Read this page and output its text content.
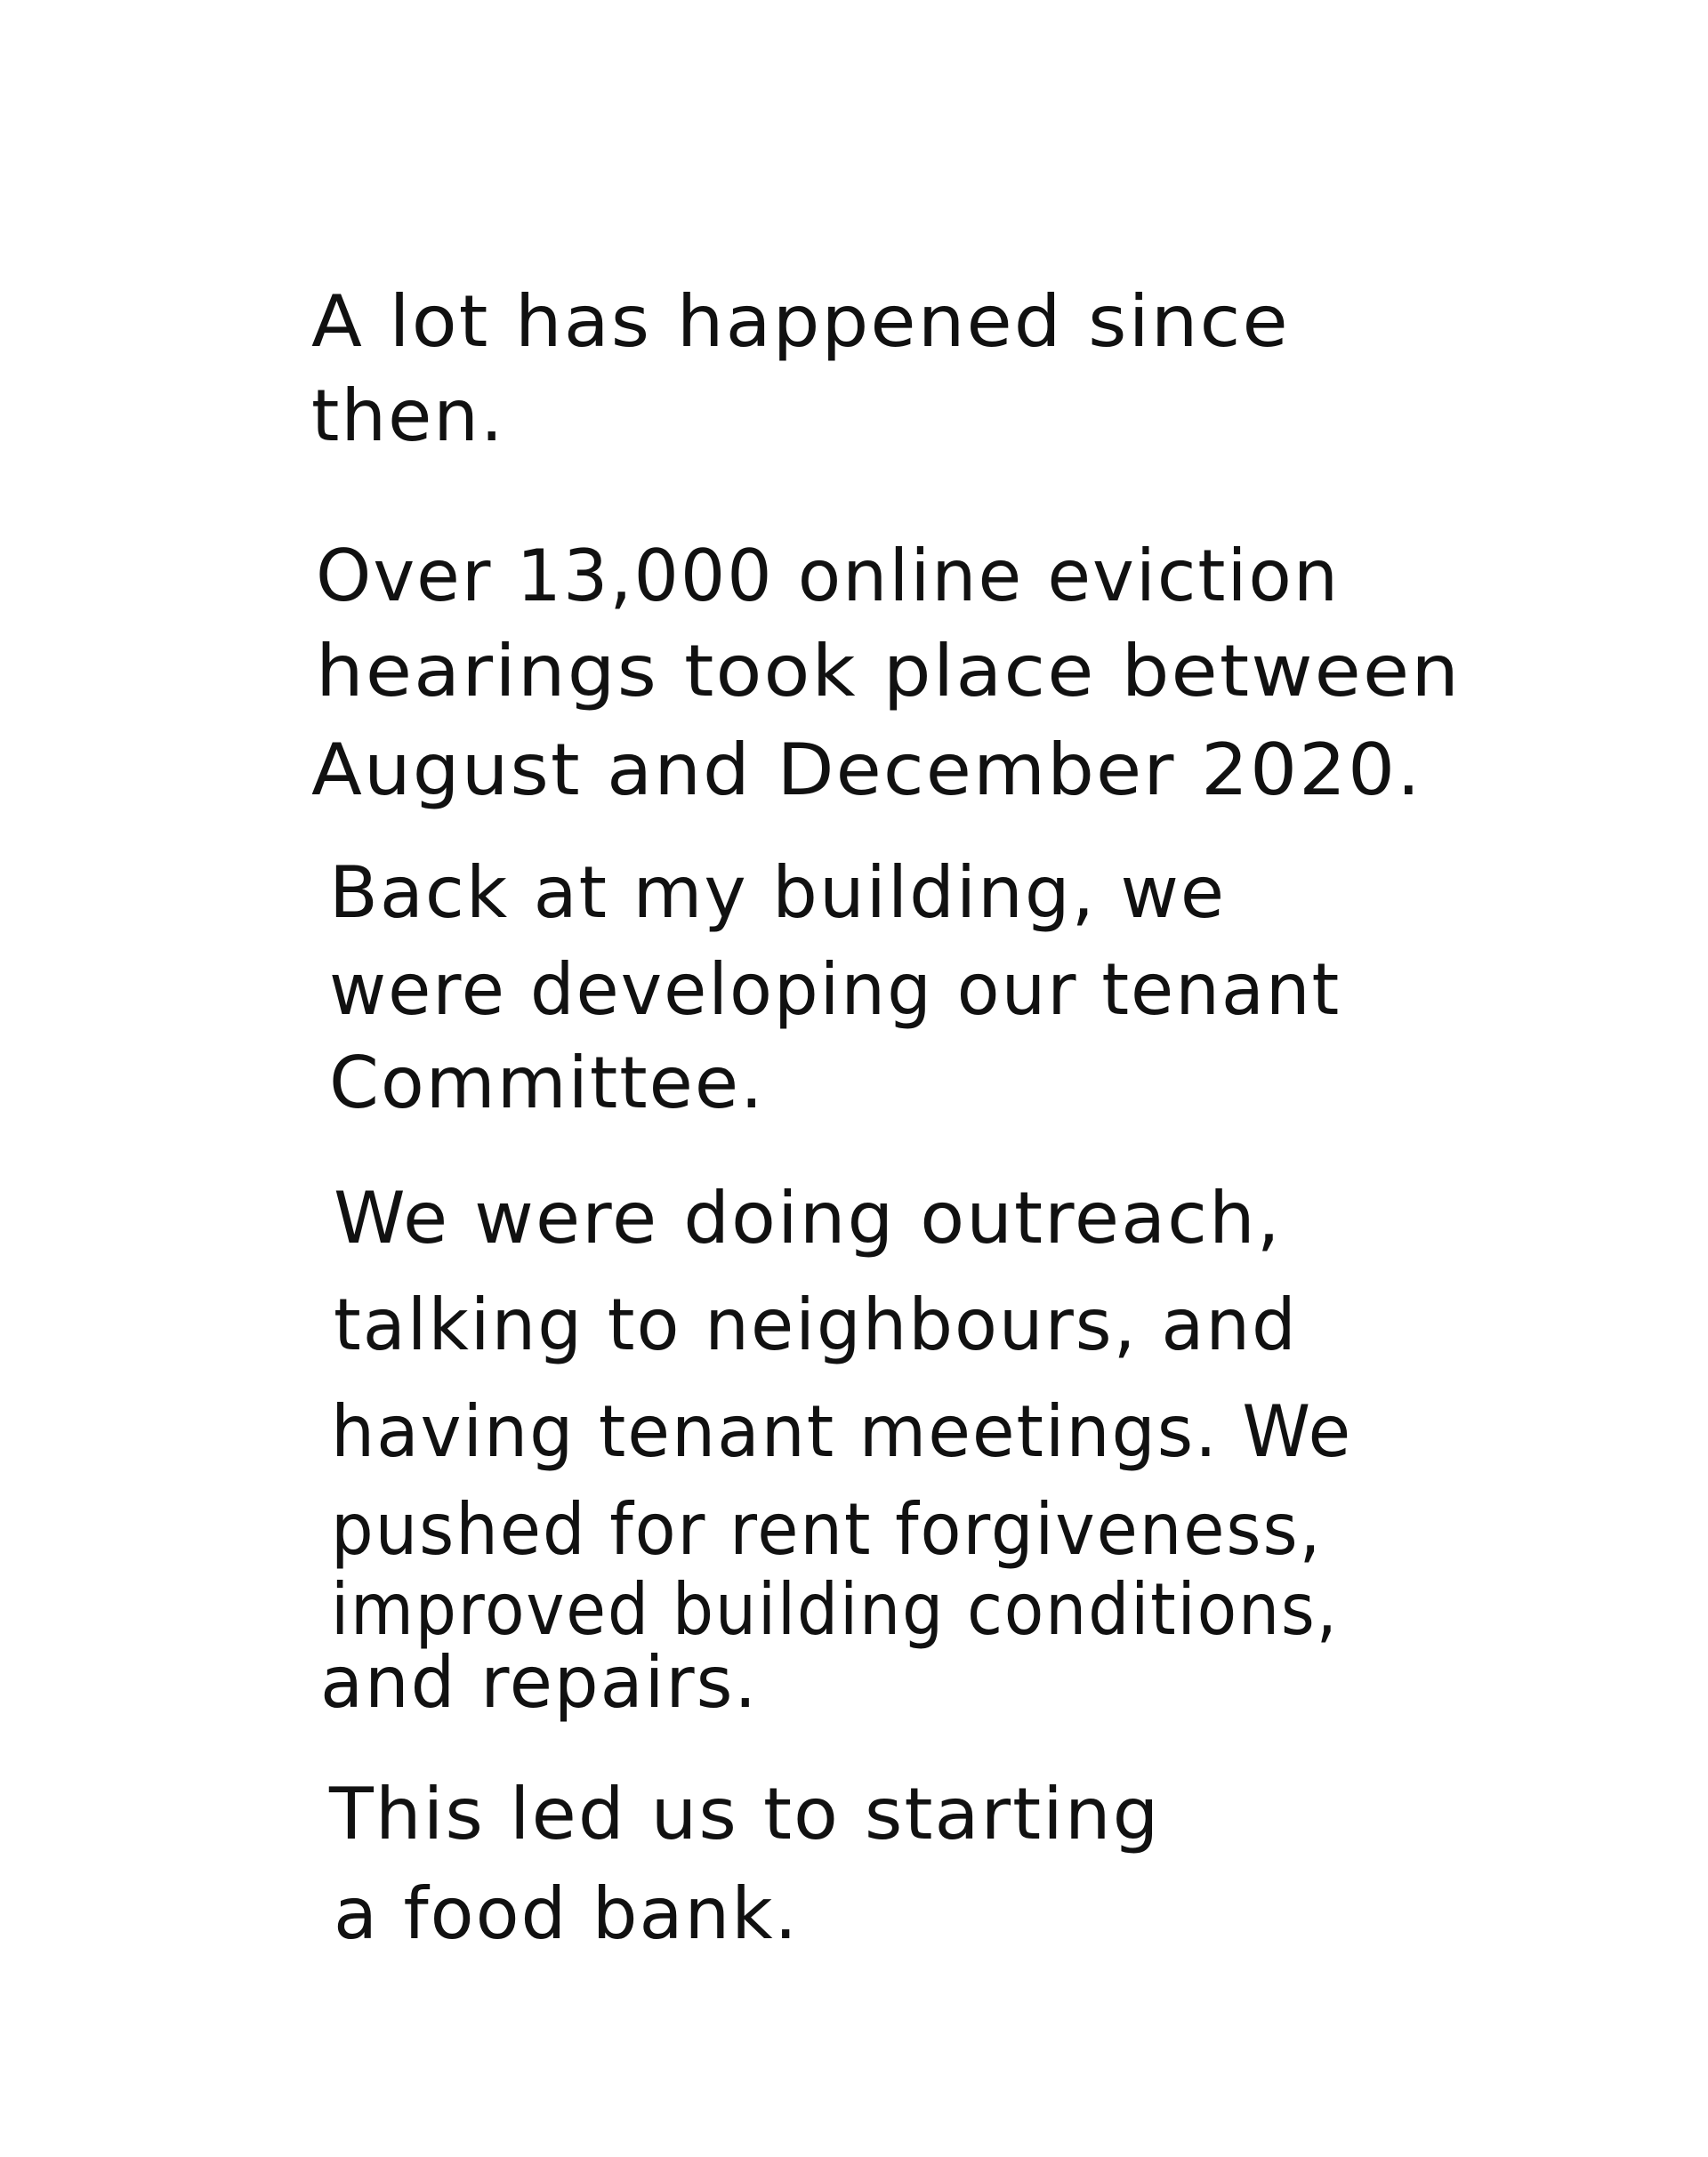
A lot has happened since

then.

Over 13,000 online eviction

hearings took place between

August and December 2020.

Back at my building, we

were developing our tenant

Committee.

We were doing outreach,

talking to neighbours, and

having tenant meetings. We

pushed for rent forgiveness,

improved building conditions,

and repairs.

This led us to starting

a food bank.
